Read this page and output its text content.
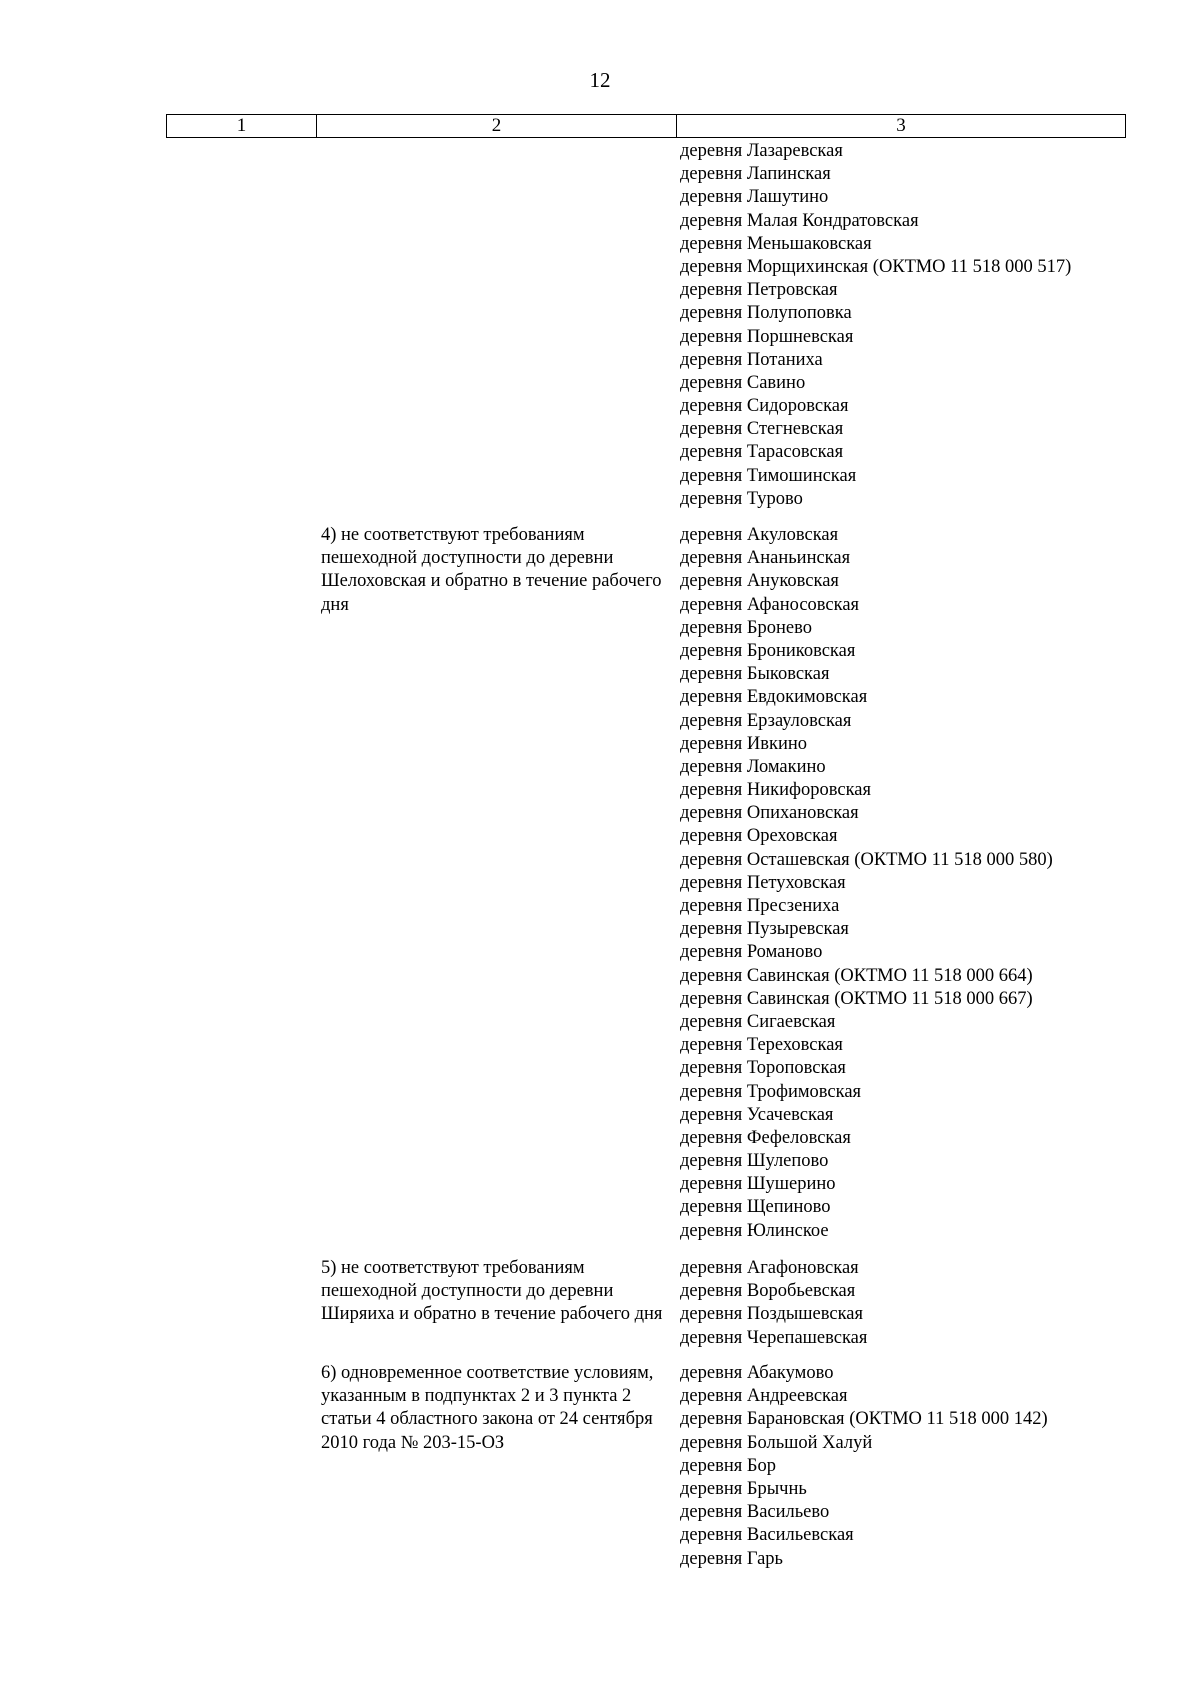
12
1	2	3
деревня Лазаревская
деревня Лапинская
деревня Лашутино
деревня Малая Кондратовская
деревня Меньшаковская
деревня Морщихинская (ОКТМО 11 518 000 517)
деревня Петровская
деревня Полупоповка
деревня Поршневская
деревня Потаниха
деревня Савино
деревня Сидоровская
деревня Стегневская
деревня Тарасовская
деревня Тимошинская
деревня Турово
4) не соответствуют требованиям пешеходной доступности до деревни Шелоховская и обратно в течение рабочего дня
деревня Акуловская
деревня Ананьинская
деревня Ануковская
деревня Афаносовская
деревня Бронево
деревня Брониковская
деревня Быковская
деревня Евдокимовская
деревня Ерзауловская
деревня Ивкино
деревня Ломакино
деревня Никифоровская
деревня Опихановская
деревня Ореховская
деревня Осташевская (ОКТМО 11 518 000 580)
деревня Петуховская
деревня Пресзениха
деревня Пузыревская
деревня Романово
деревня Савинская (ОКТМО 11 518 000 664)
деревня Савинская (ОКТМО 11 518 000 667)
деревня Сигаевская
деревня Тереховская
деревня Тороповская
деревня Трофимовская
деревня Усачевская
деревня Фефеловская
деревня Шулепово
деревня Шушерино
деревня Щепиново
деревня Юлинское
5) не соответствуют требованиям пешеходной доступности до деревни Ширяиха и обратно в течение рабочего дня
деревня Агафоновская
деревня Воробьевская
деревня Поздышевская
деревня Черепашевская
6) одновременное соответствие условиям, указанным в подпунктах 2 и 3 пункта 2 статьи 4 областного закона от 24 сентября 2010 года № 203-15-ОЗ
деревня Абакумово
деревня Андреевская
деревня Барановская (ОКТМО 11 518 000 142)
деревня Большой Халуй
деревня Бор
деревня Брычнь
деревня Васильево
деревня Васильевская
деревня Гарь
